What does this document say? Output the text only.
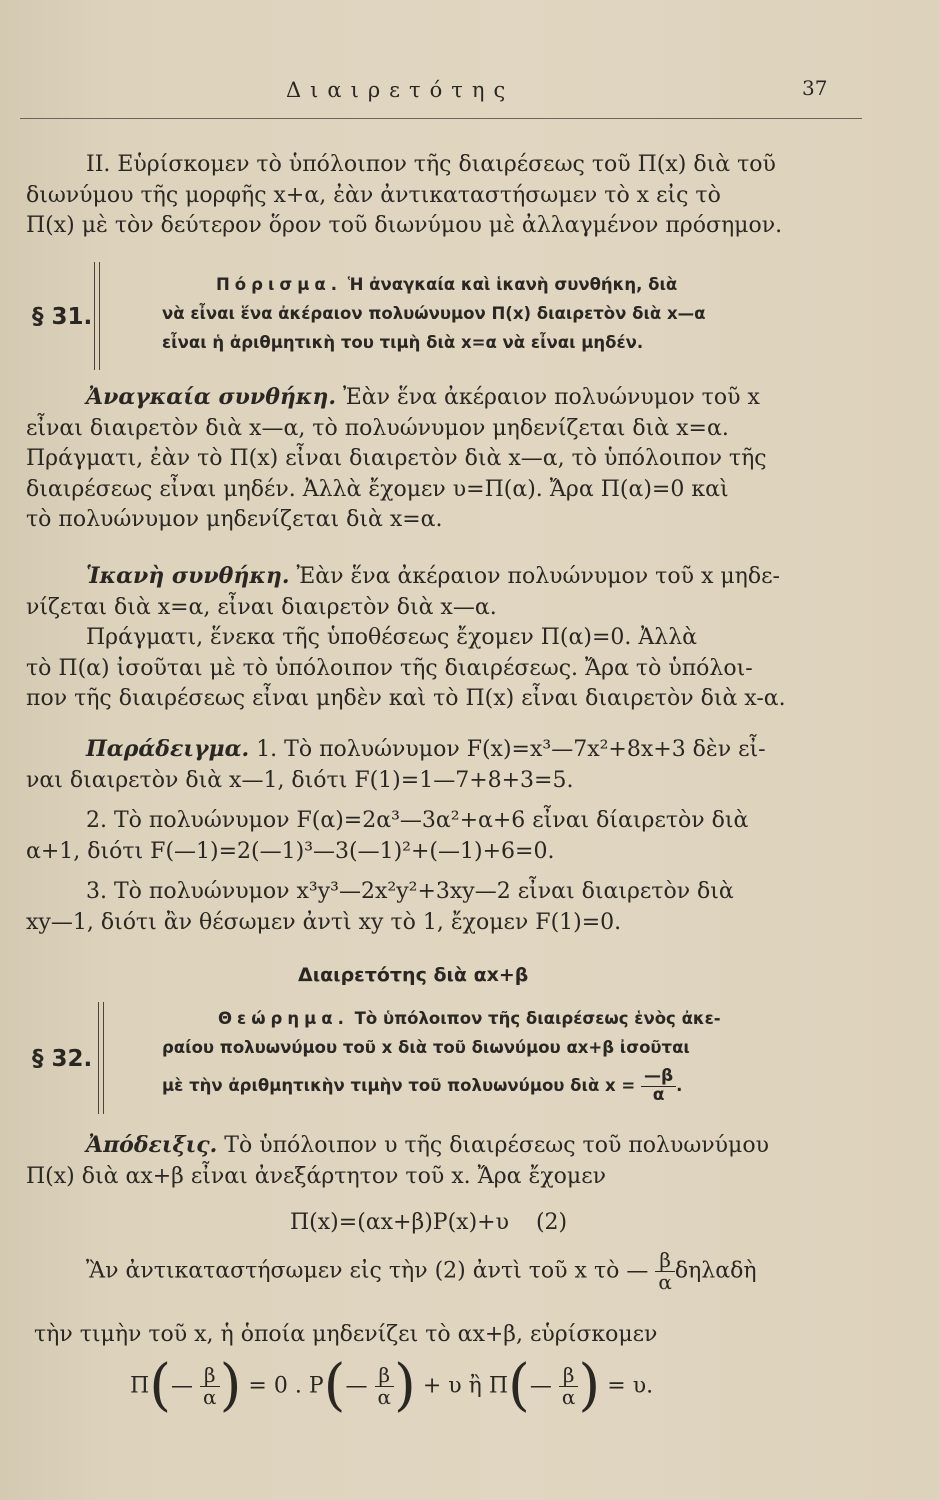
Διαιρετότης	37

ΙΙ. Εὑρίσκομεν τὸ ὑπόλοιπον τῆς διαιρέσεως τοῦ Π(x) διὰ τοῦ

διωνύμου τῆς μορφῆς x+α, ἐὰν ἀντικαταστήσωμεν τὸ x εἰς τὸ

Π(x) μὲ τὸν δεύτερον ὅρον τοῦ διωνύμου μὲ ἀλλαγμένον πρόσημον.

§ 31.

Πόρισμα. Ἡ ἀναγκαία καὶ ἱκανὴ συνθήκη, διὰ

νὰ εἶναι ἕνα ἀκέραιον πολυώνυμον Π(x) διαιρετὸν διὰ x—α

εἶναι ἡ ἀριθμητικὴ του τιμὴ διὰ x=α νὰ εἶναι μηδέν.

Ἀναγκαία συνθήκη. Ἐὰν ἕνα ἀκέραιον πολυώνυμον τοῦ x

εἶναι διαιρετὸν διὰ x—α, τὸ πολυώνυμον μηδενίζεται διὰ x=α.

Πράγματι, ἐὰν τὸ Π(x) εἶναι διαιρετὸν διὰ x—α, τὸ ὑπόλοιπον τῆς

διαιρέσεως εἶναι μηδέν. Ἀλλὰ ἔχομεν υ=Π(α). Ἄρα Π(α)=0 καὶ

τὸ πολυώνυμον μηδενίζεται διὰ x=α.

Ἱκανὴ συνθήκη. Ἐὰν ἕνα ἀκέραιον πολυώνυμον τοῦ x μηδε-

νίζεται διὰ x=α, εἶναι διαιρετὸν διὰ x—α.

Πράγματι, ἕνεκα τῆς ὑποθέσεως ἔχομεν Π(α)=0. Ἀλλὰ

τὸ Π(α) ἰσοῦται μὲ τὸ ὑπόλοιπον τῆς διαιρέσεως. Ἄρα τὸ ὑπόλοι-

πον τῆς διαιρέσεως εἶναι μηδὲν καὶ τὸ Π(x) εἶναι διαιρετὸν διὰ x-α.

Παράδειγμα. 1. Τὸ πολυώνυμον F(x)=x³—7x²+8x+3 δὲν εἶ-

ναι διαιρετὸν διὰ x—1, διότι F(1)=1—7+8+3=5.

2. Τὸ πολυώνυμον F(α)=2α³—3α²+α+6 εἶναι δίαιρετὸν διὰ

α+1, διότι F(—1)=2(—1)³—3(—1)²+(—1)+6=0.

3. Τὸ πολυώνυμον x³y³—2x²y²+3xy—2 εἶναι διαιρετὸν διὰ

xy—1, διότι ἂν θέσωμεν ἀντὶ xy τὸ 1, ἔχομεν F(1)=0.

Διαιρετότης διὰ αx+β
§ 32.

Θεώρημα. Τὸ ὑπόλοιπον τῆς διαιρέσεως ἑνὸς ἀκε-

ραίου πολυωνύμου τοῦ x διὰ τοῦ διωνύμου αx+β ἰσοῦται

μὲ τὴν ἀριθμητικὴν τιμὴν τοῦ πολυωνύμου διὰ $x = \frac{—\beta}{\alpha}$ .

Ἀπόδειξις. Τὸ ὑπόλοιπον υ τῆς διαιρέσεως τοῦ πολυωνύμου

Π(x) διὰ αx+β εἶναι ἀνεξάρτητον τοῦ x. Ἄρα ἔχομεν

Π(x)=(αx+β)P(x)+υ (2)
Ἂν ἀντικαταστήσωμεν εἰς τὴν (2) ἀντὶ τοῦ x τὸ — $\frac{\beta}{\alpha}$ δηλαδὴ
τὴν τιμὴν τοῦ x, ἡ ὁποία μηδενίζει τὸ αx+β, εὑρίσκομεν
Π(— $\frac{\beta}{\alpha}$ ) = 0 . P(— $\frac{\beta}{\alpha}$ ) + υ ἢ Π(— $\frac{\beta}{\alpha}$ ) = υ.
